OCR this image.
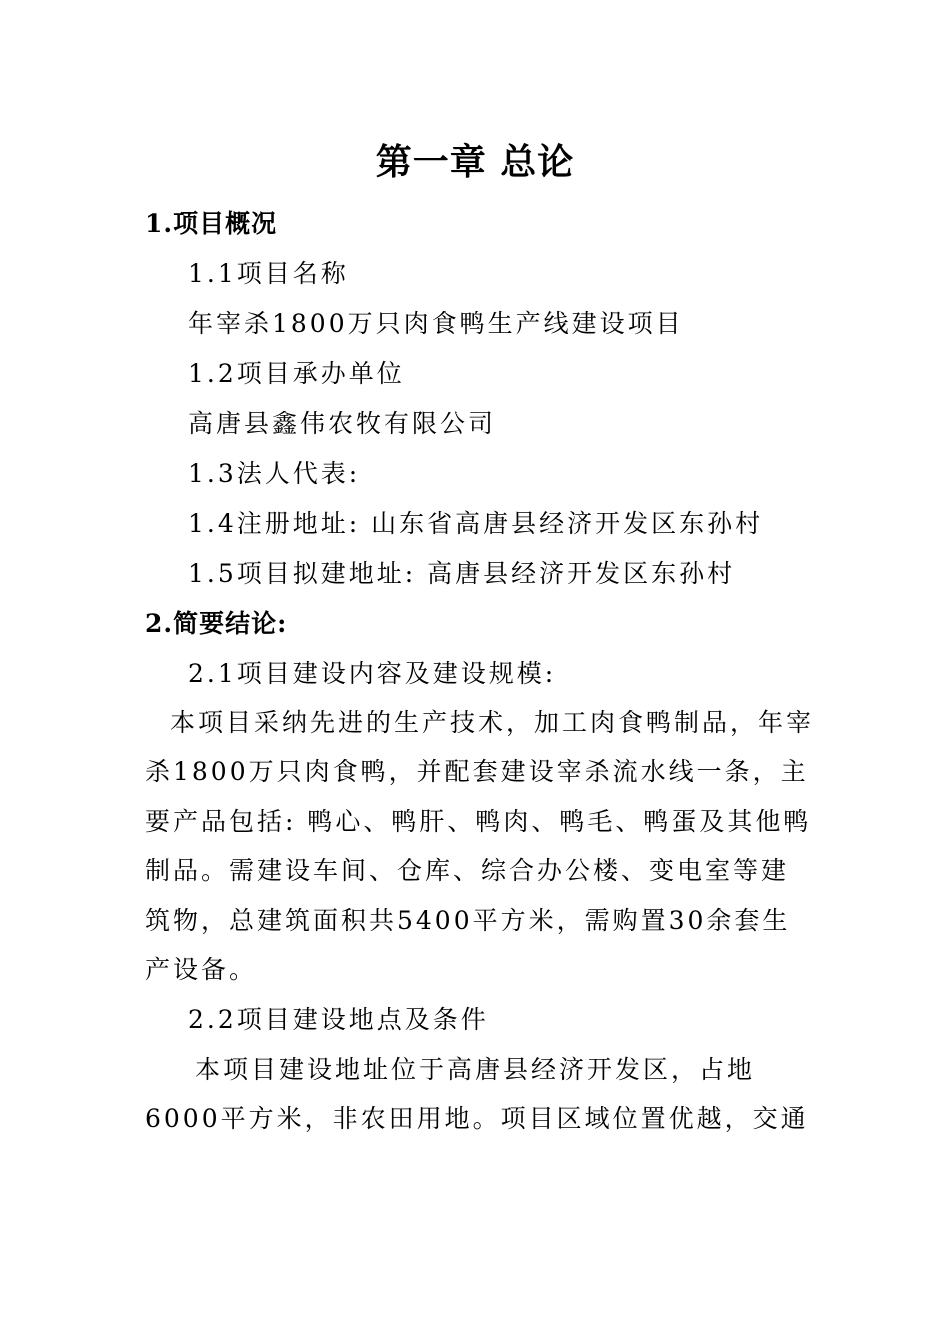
第一章 总论
1.项目概况
1.1项目名称
年宰杀1800万只肉食鸭生产线建设项目
1.2项目承办单位
高唐县鑫伟农牧有限公司
1.3法人代表:
1.4注册地址: 山东省高唐县经济开发区东孙村
1.5项目拟建地址: 高唐县经济开发区东孙村
2.简要结论:
2.1项目建设内容及建设规模:
本项目采纳先进的生产技术，加工肉食鸭制品，年宰杀1800万只肉食鸭，并配套建设宰杀流水线一条，主要产品包括: 鸭心、鸭肝、鸭肉、鸭毛、鸭蛋及其他鸭制品。需建设车间、仓库、综合办公楼、变电室等建筑物，总建筑面积共5400平方米，需购置30余套生产设备。
2.2项目建设地点及条件
本项目建设地址位于高唐县经济开发区，占地6000平方米，非农田用地。项目区域位置优越，交通
